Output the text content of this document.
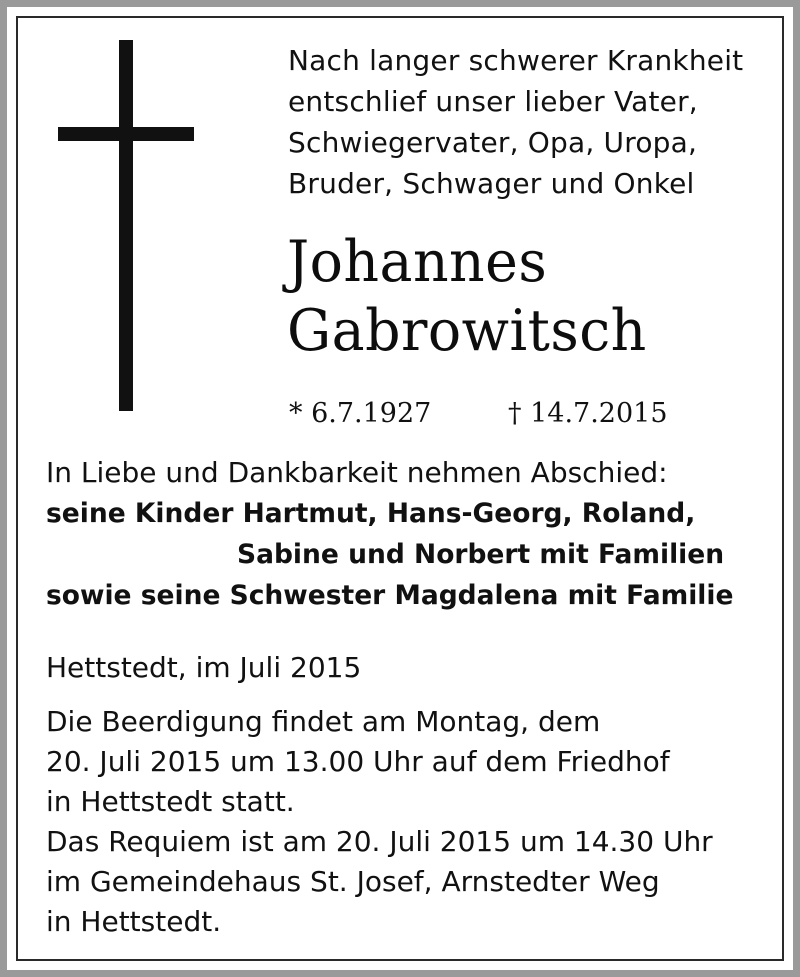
Nach langer schwerer Krankheit
entschlief unser lieber Vater,
Schwiegervater, Opa, Uropa,
Bruder, Schwager und Onkel
Johannes
Gabrowitsch
* 6.7.1927	† 14.7.2015
In Liebe und Dankbarkeit nehmen Abschied:
seine Kinder Hartmut, Hans-Georg, Roland,
Sabine und Norbert mit Familien
sowie seine Schwester Magdalena mit Familie
Hettstedt, im Juli 2015
Die Beerdigung findet am Montag, dem
20. Juli 2015 um 13.00 Uhr auf dem Friedhof
in Hettstedt statt.
Das Requiem ist am 20. Juli 2015 um 14.30 Uhr
im Gemeindehaus St. Josef, Arnstedter Weg
in Hettstedt.
